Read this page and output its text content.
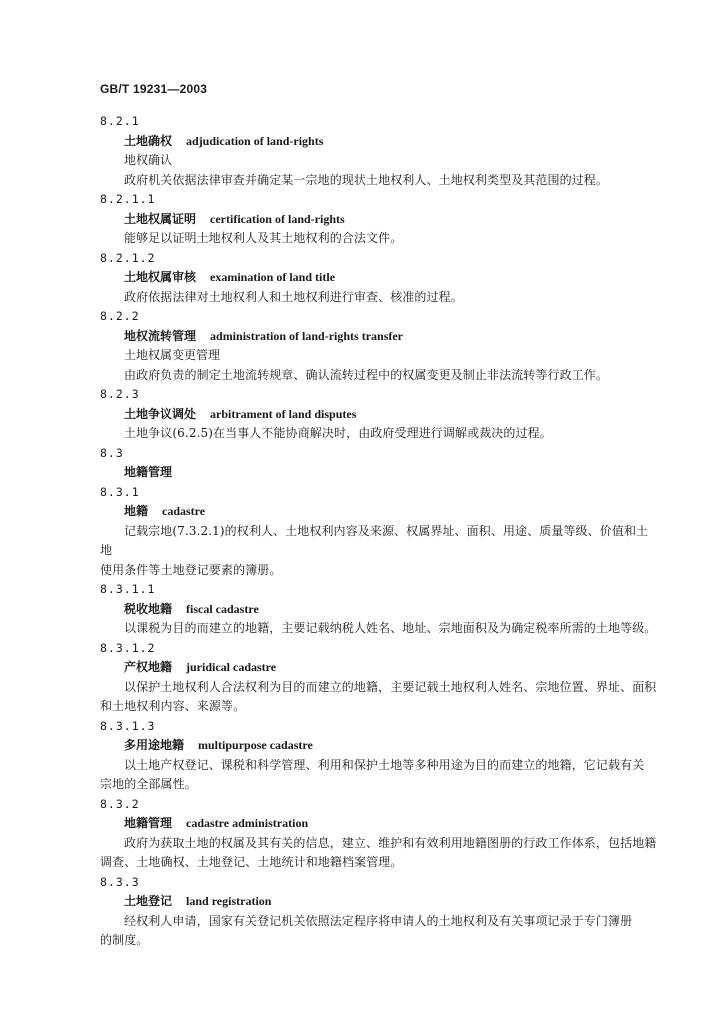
GB/T 19231—2003
8.2.1
土地确权 adjudication of land-rights
地权确认
政府机关依据法律审查并确定某一宗地的现状土地权利人、土地权利类型及其范围的过程。
8.2.1.1
土地权属证明 certification of land-rights
能够足以证明土地权利人及其土地权利的合法文件。
8.2.1.2
土地权属审核 examination of land title
政府依据法律对土地权利人和土地权利进行审查、核准的过程。
8.2.2
地权流转管理 administration of land-rights transfer
土地权属变更管理
由政府负责的制定土地流转规章、确认流转过程中的权属变更及制止非法流转等行政工作。
8.2.3
土地争议调处 arbitrament of land disputes
土地争议(6.2.5)在当事人不能协商解决时，由政府受理进行调解或裁决的过程。
8.3
地籍管理
8.3.1
地籍 cadastre
记载宗地(7.3.2.1)的权利人、土地权利内容及来源、权属界址、面积、用途、质量等级、价值和土地
使用条件等土地登记要素的簿册。
8.3.1.1
税收地籍 fiscal cadastre
以课税为目的而建立的地籍，主要记载纳税人姓名、地址、宗地面积及为确定税率所需的土地等级。
8.3.1.2
产权地籍 juridical cadastre
以保护土地权利人合法权利为目的而建立的地籍，主要记载土地权利人姓名、宗地位置、界址、面积
和土地权利内容、来源等。
8.3.1.3
多用途地籍 multipurpose cadastre
以土地产权登记、课税和科学管理、利用和保护土地等多种用途为目的而建立的地籍，它记载有关
宗地的全部属性。
8.3.2
地籍管理 cadastre administration
政府为获取土地的权属及其有关的信息，建立、维护和有效利用地籍图册的行政工作体系，包括地籍
调查、土地确权、土地登记、土地统计和地籍档案管理。
8.3.3
土地登记 land registration
经权利人申请，国家有关登记机关依照法定程序将申请人的土地权利及有关事项记录于专门簿册
的制度。
